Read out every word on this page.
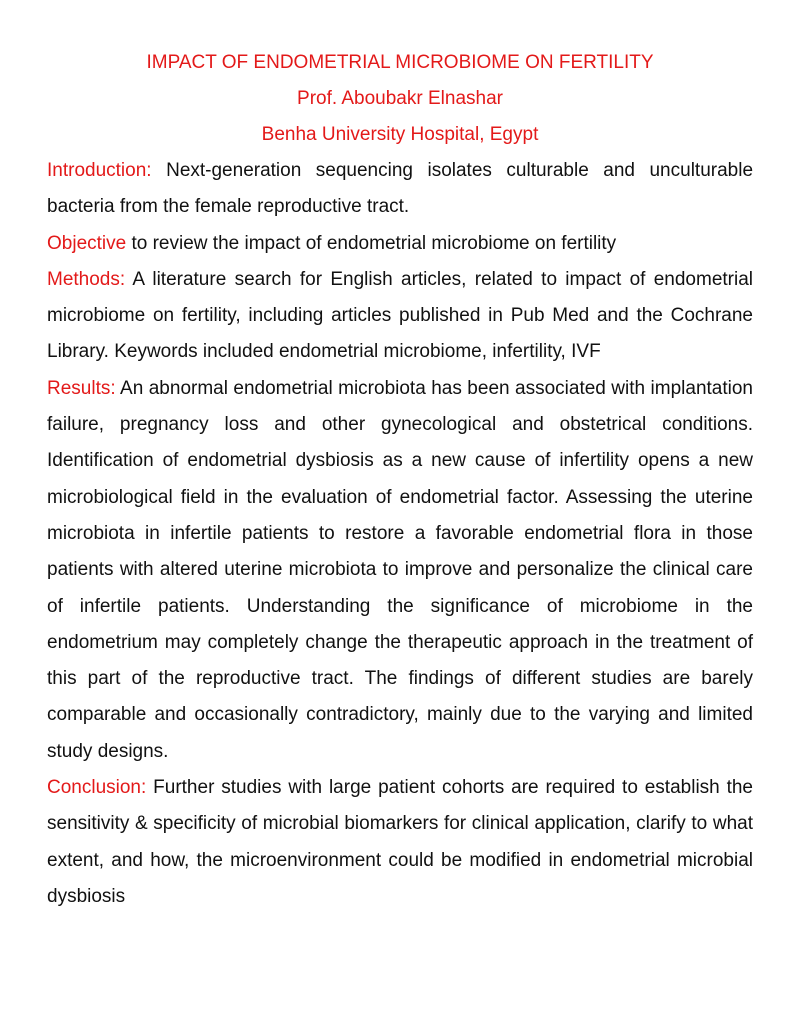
IMPACT OF ENDOMETRIAL MICROBIOME ON FERTILITY

Prof. Aboubakr Elnashar

Benha University Hospital, Egypt

Introduction: Next-generation sequencing isolates culturable and unculturable bacteria from the female reproductive tract.

Objective to review the impact of endometrial microbiome on fertility

Methods: A literature search for English articles, related to impact of endometrial microbiome on fertility, including articles published in Pub Med and the Cochrane Library. Keywords included endometrial microbiome, infertility, IVF

Results: An abnormal endometrial microbiota has been associated with implantation failure, pregnancy loss and other gynecological and obstetrical conditions. Identification of endometrial dysbiosis as a new cause of infertility opens a new microbiological field in the evaluation of endometrial factor. Assessing the uterine microbiota in infertile patients to restore a favorable endometrial flora in those patients with altered uterine microbiota to improve and personalize the clinical care of infertile patients. Understanding the significance of microbiome in the endometrium may completely change the therapeutic approach in the treatment of this part of the reproductive tract. The findings of different studies are barely comparable and occasionally contradictory, mainly due to the varying and limited study designs.

Conclusion: Further studies with large patient cohorts are required to establish the sensitivity & specificity of microbial biomarkers for clinical application, clarify to what extent, and how, the microenvironment could be modified in endometrial microbial dysbiosis
